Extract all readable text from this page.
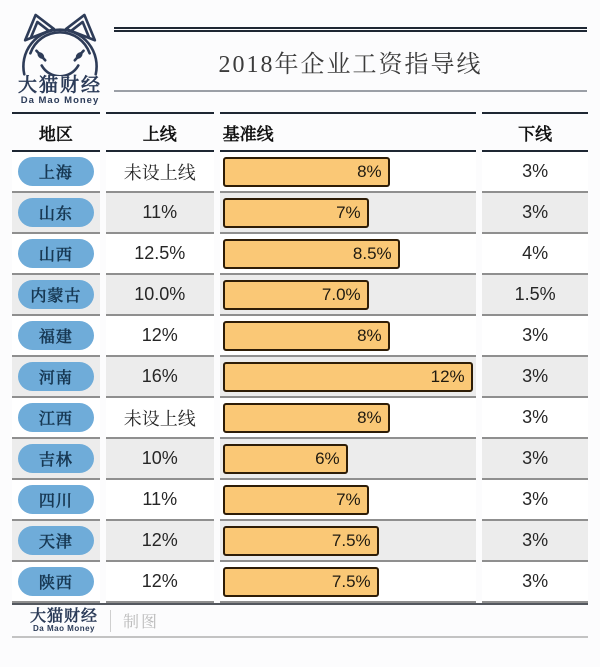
大猫财经
Da Mao Money
2018年企业工资指导线
地区	上线	基准线	下线
上海	未设上线	8%	3%
山东	11%	7%	3%
山西	12.5%	8.5%	4%
内蒙古	10.0%	7.0%	1.5%
福建	12%	8%	3%
河南	16%	12%	3%
江西	未设上线	8%	3%
吉林	10%	6%	3%
四川	11%	7%	3%
天津	12%	7.5%	3%
陕西	12%	7.5%	3%
大猫财经
Da Mao Money 制图
